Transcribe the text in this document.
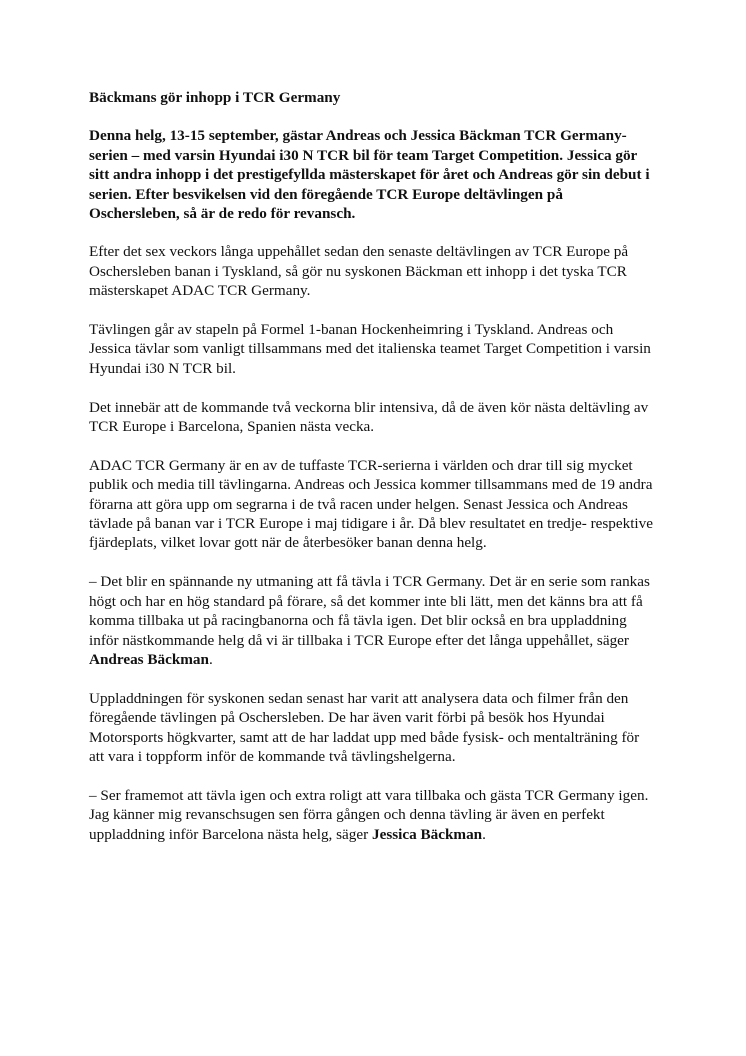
Bäckmans gör inhopp i TCR Germany

Denna helg, 13-15 september, gästar Andreas och Jessica Bäckman TCR Germany-serien – med varsin Hyundai i30 N TCR bil för team Target Competition. Jessica gör sitt andra inhopp i det prestigefyllda mästerskapet för året och Andreas gör sin debut i serien. Efter besvikelsen vid den föregående TCR Europe deltävlingen på Oschersleben, så är de redo för revansch.

Efter det sex veckors långa uppehållet sedan den senaste deltävlingen av TCR Europe på Oschersleben banan i Tyskland, så gör nu syskonen Bäckman ett inhopp i det tyska TCR mästerskapet ADAC TCR Germany.

Tävlingen går av stapeln på Formel 1-banan Hockenheimring i Tyskland. Andreas och Jessica tävlar som vanligt tillsammans med det italienska teamet Target Competition i varsin Hyundai i30 N TCR bil.

Det innebär att de kommande två veckorna blir intensiva, då de även kör nästa deltävling av TCR Europe i Barcelona, Spanien nästa vecka.

ADAC TCR Germany är en av de tuffaste TCR-serierna i världen och drar till sig mycket publik och media till tävlingarna. Andreas och Jessica kommer tillsammans med de 19 andra förarna att göra upp om segrarna i de två racen under helgen. Senast Jessica och Andreas tävlade på banan var i TCR Europe i maj tidigare i år. Då blev resultatet en tredje- respektive fjärdeplats, vilket lovar gott när de återbesöker banan denna helg.

– Det blir en spännande ny utmaning att få tävla i TCR Germany. Det är en serie som rankas högt och har en hög standard på förare, så det kommer inte bli lätt, men det känns bra att få komma tillbaka ut på racingbanorna och få tävla igen. Det blir också en bra uppladdning inför nästkommande helg då vi är tillbaka i TCR Europe efter det långa uppehållet, säger Andreas Bäckman.

Uppladdningen för syskonen sedan senast har varit att analysera data och filmer från den föregående tävlingen på Oschersleben. De har även varit förbi på besök hos Hyundai Motorsports högkvarter, samt att de har laddat upp med både fysisk- och mentalträning för att vara i toppform inför de kommande två tävlingshelgerna.

– Ser framemot att tävla igen och extra roligt att vara tillbaka och gästa TCR Germany igen. Jag känner mig revanschsugen sen förra gången och denna tävling är även en perfekt uppladdning inför Barcelona nästa helg, säger Jessica Bäckman.
